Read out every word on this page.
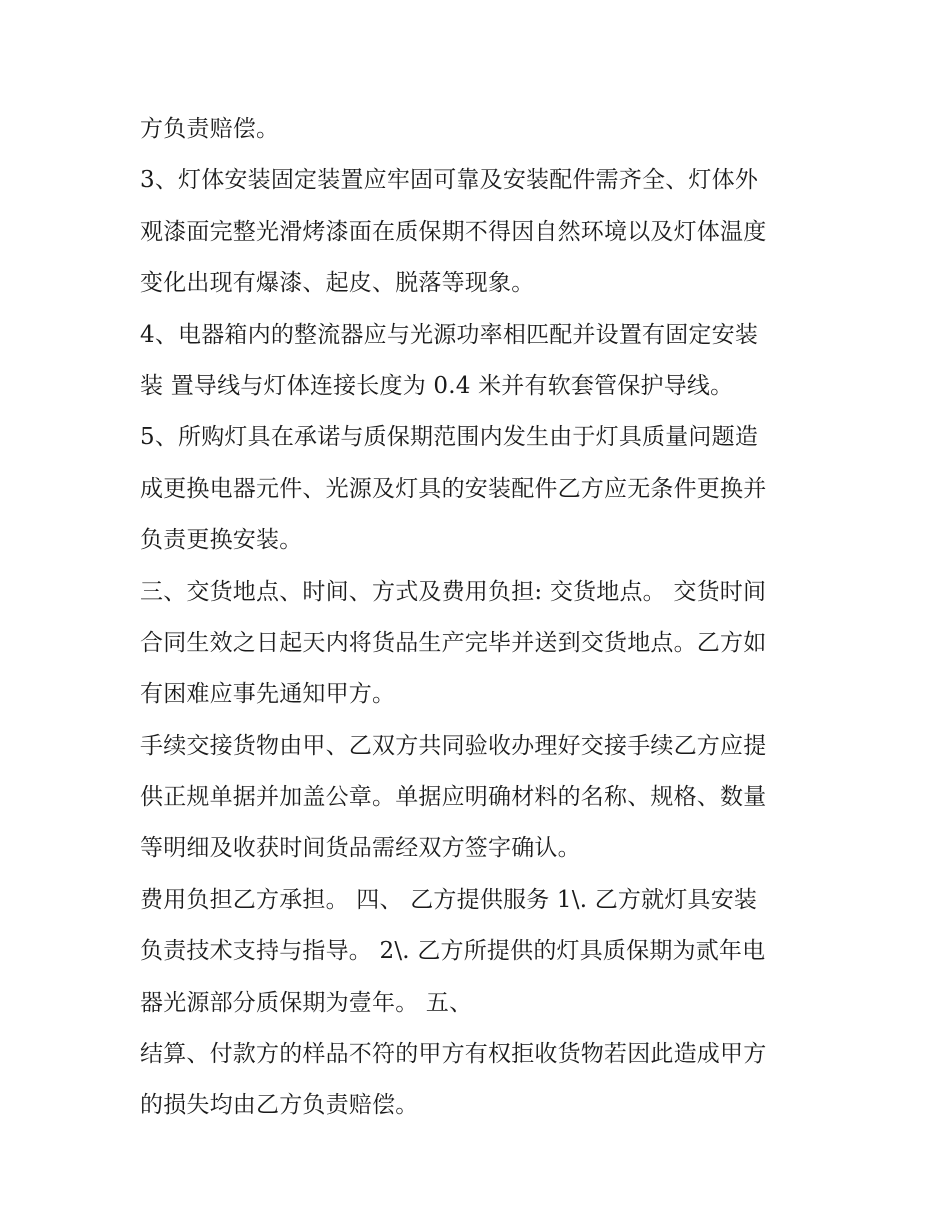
方负责赔偿。
3、灯体安装固定装置应牢固可靠及安装配件需齐全、灯体外
观漆面完整光滑烤漆面在质保期不得因自然环境以及灯体温度
变化出现有爆漆、起皮、脱落等现象。
4、电器箱内的整流器应与光源功率相匹配并设置有固定安装
装 置导线与灯体连接长度为 0.4 米并有软套管保护导线。
5、所购灯具在承诺与质保期范围内发生由于灯具质量问题造
成更换电器元件、光源及灯具的安装配件乙方应无条件更换并
负责更换安装。
三、交货地点、时间、方式及费用负担: 交货地点。 交货时间
合同生效之日起天内将货品生产完毕并送到交货地点。乙方如
有困难应事先通知甲方。
手续交接货物由甲、乙双方共同验收办理好交接手续乙方应提
供正规单据并加盖公章。单据应明确材料的名称、规格、数量
等明细及收获时间货品需经双方签字确认。
费用负担乙方承担。 四、 乙方提供服务 1\. 乙方就灯具安装
负责技术支持与指导。 2\. 乙方所提供的灯具质保期为贰年电
器光源部分质保期为壹年。 五、
结算、付款方的样品不符的甲方有权拒收货物若因此造成甲方
的损失均由乙方负责赔偿。
